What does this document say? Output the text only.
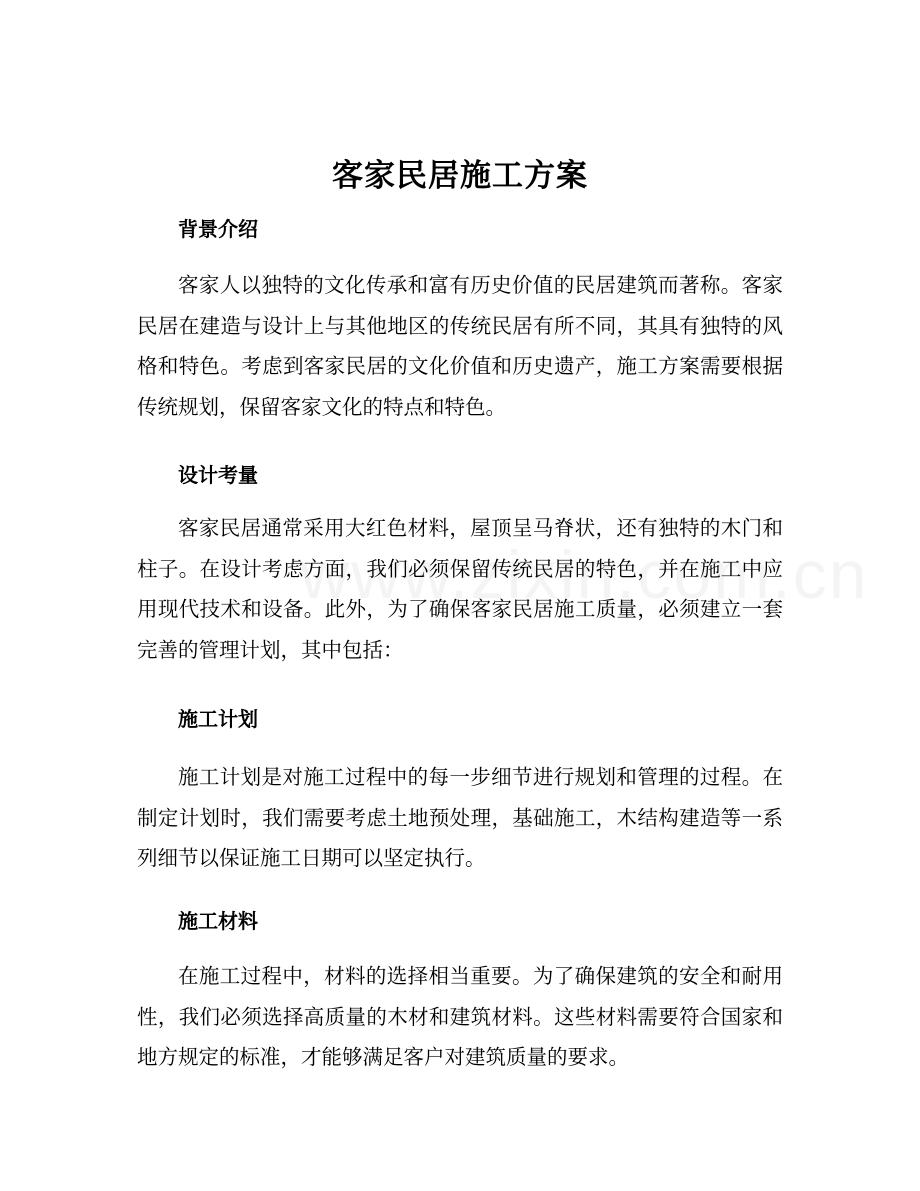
客家民居施工方案
背景介绍

客家人以独特的文化传承和富有历史价值的民居建筑而著称。客家民居在建造与设计上与其他地区的传统民居有所不同，其具有独特的风格和特色。考虑到客家民居的文化价值和历史遗产，施工方案需要根据传统规划，保留客家文化的特点和特色。

设计考量

客家民居通常采用大红色材料，屋顶呈马脊状，还有独特的木门和柱子。在设计考虑方面，我们必须保留传统民居的特色，并在施工中应用现代技术和设备。此外，为了确保客家民居施工质量，必须建立一套完善的管理计划，其中包括：

施工计划

施工计划是对施工过程中的每一步细节进行规划和管理的过程。在制定计划时，我们需要考虑土地预处理，基础施工，木结构建造等一系列细节以保证施工日期可以坚定执行。

施工材料

在施工过程中，材料的选择相当重要。为了确保建筑的安全和耐用性，我们必须选择高质量的木材和建筑材料。这些材料需要符合国家和地方规定的标准，才能够满足客户对建筑质量的要求。
